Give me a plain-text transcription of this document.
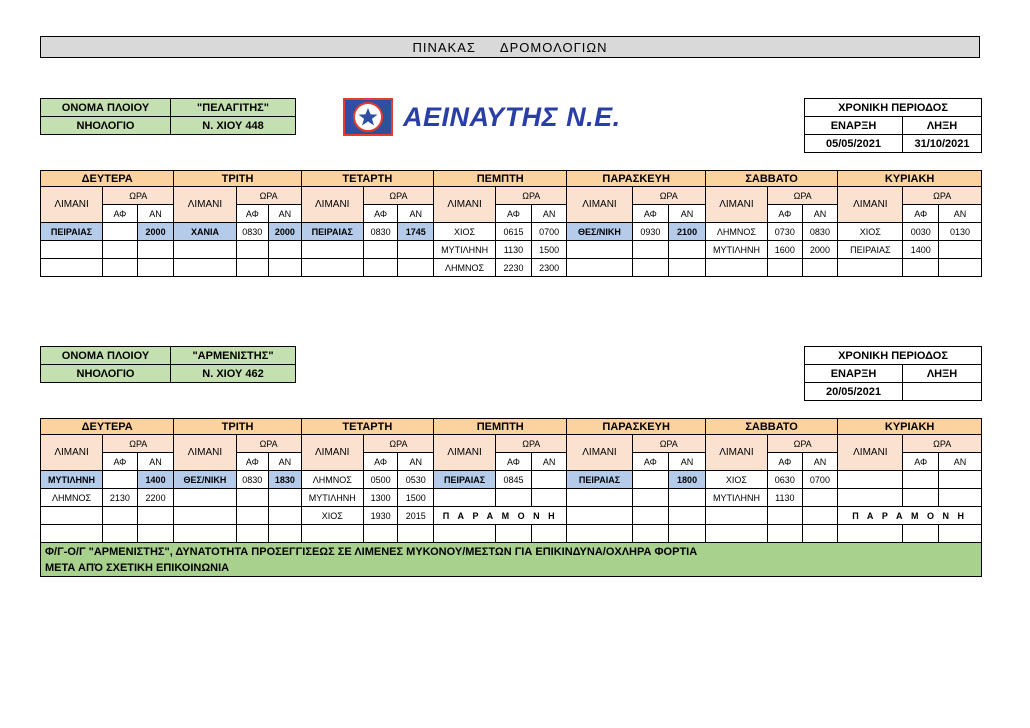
ΠΙΝΑΚΑΣ ΔΡΟΜΟΛΟΓΙΩΝ
ΑΕΙΝΑΥΤΗΣ Ν.Ε.
ΟΝΟΜΑ ΠΛΟΙΟΥ	"ΠΕΛΑΓΙΤΗΣ"
ΝΗΟΛΟΓΙΟ	Ν. ΧΙΟΥ 448
ΧΡΟΝΙΚΗ ΠΕΡΙΟΔΟΣ	
ΕΝΑΡΞΗ	ΛΗΞΗ
05/05/2021	31/10/2021
ΔΕΥΤΕΡΑ			ΤΡΙΤΗ			ΤΕΤΑΡΤΗ			ΠΕΜΠΤΗ			ΠΑΡΑΣΚΕΥΗ			ΣΑΒΒΑΤΟ			ΚΥΡΙΑΚΗ		
ΛΙΜΑΝΙ	ΩΡΑ		ΛΙΜΑΝΙ	ΩΡΑ		ΛΙΜΑΝΙ	ΩΡΑ		ΛΙΜΑΝΙ	ΩΡΑ		ΛΙΜΑΝΙ	ΩΡΑ		ΛΙΜΑΝΙ	ΩΡΑ		ΛΙΜΑΝΙ	ΩΡΑ	
	ΑΦ	ΑΝ		ΑΦ	ΑΝ		ΑΦ	ΑΝ		ΑΦ	ΑΝ		ΑΦ	ΑΝ		ΑΦ	ΑΝ		ΑΦ	ΑΝ
ΠΕΙΡΑΙΑΣ		2000	ΧΑΝΙΑ	0830	2000	ΠΕΙΡΑΙΑΣ	0830	1745	ΧΙΟΣ	0615	0700	ΘΕΣ/ΝΙΚΗ	0930	2100	ΛΗΜΝΟΣ	0730	0830	ΧΙΟΣ	0030	0130
									ΜΥΤΙΛΗΝΗ	1130	1500				ΜΥΤΙΛΗΝΗ	1600	2000	ΠΕΙΡΑΙΑΣ	1400	
									ΛΗΜΝΟΣ	2230	2300									
ΟΝΟΜΑ ΠΛΟΙΟΥ	"ΑΡΜΕΝΙΣΤΗΣ"
ΝΗΟΛΟΓΙΟ	Ν. ΧΙΟΥ 462
ΧΡΟΝΙΚΗ ΠΕΡΙΟΔΟΣ	
ΕΝΑΡΞΗ	ΛΗΞΗ
20/05/2021	
ΔΕΥΤΕΡΑ			ΤΡΙΤΗ			ΤΕΤΑΡΤΗ			ΠΕΜΠΤΗ			ΠΑΡΑΣΚΕΥΗ			ΣΑΒΒΑΤΟ			ΚΥΡΙΑΚΗ		
ΛΙΜΑΝΙ	ΩΡΑ		ΛΙΜΑΝΙ	ΩΡΑ		ΛΙΜΑΝΙ	ΩΡΑ		ΛΙΜΑΝΙ	ΩΡΑ		ΛΙΜΑΝΙ	ΩΡΑ		ΛΙΜΑΝΙ	ΩΡΑ		ΛΙΜΑΝΙ	ΩΡΑ	
	ΑΦ	ΑΝ		ΑΦ	ΑΝ		ΑΦ	ΑΝ		ΑΦ	ΑΝ		ΑΦ	ΑΝ		ΑΦ	ΑΝ		ΑΦ	ΑΝ
ΜΥΤΙΛΗΝΗ		1400	ΘΕΣ/ΝΙΚΗ	0830	1830	ΛΗΜΝΟΣ	0500	0530	ΠΕΙΡΑΙΑΣ	0845		ΠΕΙΡΑΙΑΣ		1800	ΧΙΟΣ	0630	0700			
ΛΗΜΝΟΣ	2130	2200				ΜΥΤΙΛΗΝΗ	1300	1500							ΜΥΤΙΛΗΝΗ	1130				
						ΧΙΟΣ	1930	2015	Π Α Ρ Α Μ Ο Ν Η									Π Α Ρ Α Μ Ο Ν Η		

Φ/Γ-Ο/Γ "ΑΡΜΕΝΙΣΤΗΣ", ΔΥΝΑΤΟΤΗΤΑ ΠΡΟΣΕΓΓΙΣΕΩΣ ΣΕ ΛΙΜΕΝΕΣ ΜΥΚΟΝΟΥ/ΜΕΣΤΩΝ ΓΙΑ ΕΠΙΚΙΝΔΥΝΑ/ΟΧΛΗΡΑ ΦΟΡΤΙΑ
ΜΕΤΑ ΑΠΌ ΣΧΕΤΙΚΗ ΕΠΙΚΟΙΝΩΝΙΑ
